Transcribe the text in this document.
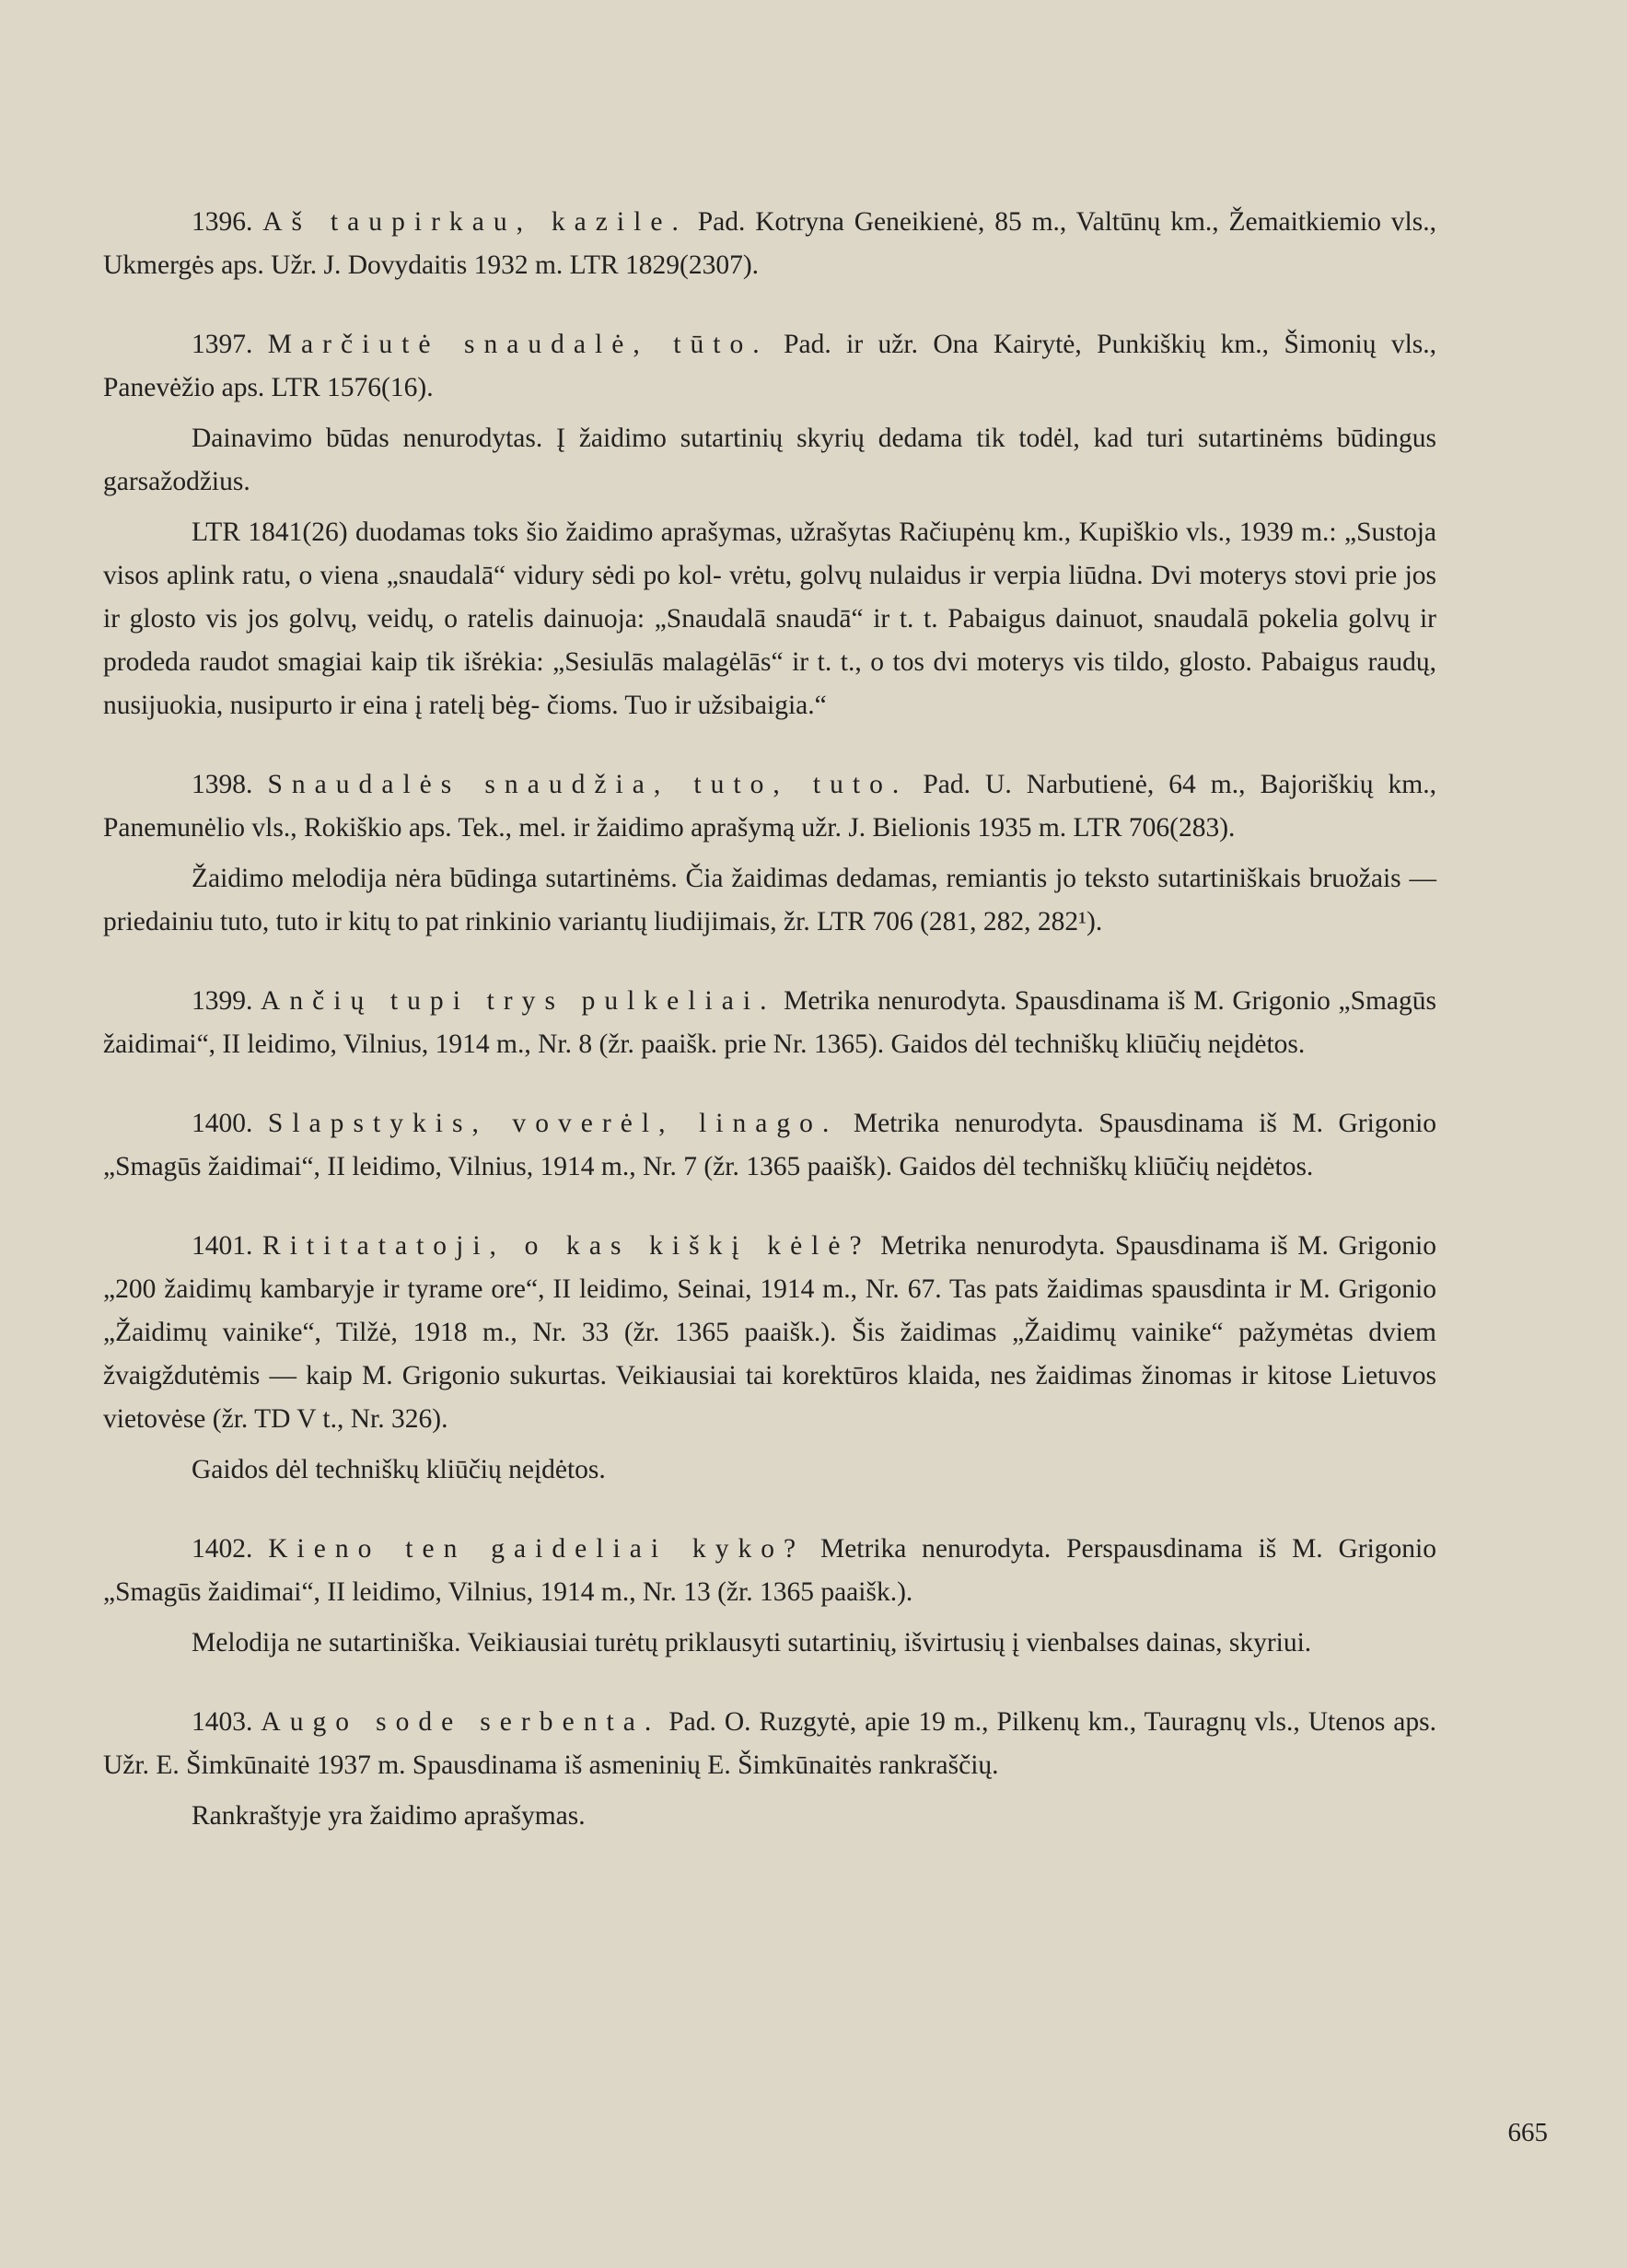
1396. Aš taupirkau, kazile. Pad. Kotryna Geneikienė, 85 m., Valtūnų km., Žemaitkiemio vls., Ukmergės aps. Užr. J. Dovydaitis 1932 m. LTR 1829(2307).

1397. Marčiutė snaudalė, tūto. Pad. ir užr. Ona Kairytė, Punkiškių km., Šimonių vls., Panevėžio aps. LTR 1576(16).

Dainavimo būdas nenurodytas. Į žaidimo sutartinių skyrių dedama tik todėl, kad turi sutartinėms būdingus garsažodžius.

LTR 1841(26) duodamas toks šio žaidimo aprašymas, užrašytas Račiupėnų km., Kupiškio vls., 1939 m.: „Sustoja visos aplink ratu, o viena „snaudalā“ vidury sėdi po kol- vrėtu, golvų nulaidus ir verpia liūdna. Dvi moterys stovi prie jos ir glosto vis jos golvų, veidų, o ratelis dainuoja: „Snaudalā snaudā“ ir t. t. Pabaigus dainuot, snaudalā pokelia golvų ir prodeda raudot smagiai kaip tik išrėkia: „Sesiulās malagėlās“ ir t. t., o tos dvi moterys vis tildo, glosto. Pabaigus raudų, nusijuokia, nusipurto ir eina į ratelį bėg- čioms. Tuo ir užsibaigia.“

1398. Snaudalės snaudžia, tuto, tuto. Pad. U. Narbutienė, 64 m., Bajoriškių km., Panemunėlio vls., Rokiškio aps. Tek., mel. ir žaidimo aprašymą užr. J. Bielionis 1935 m. LTR 706(283).

Žaidimo melodija nėra būdinga sutartinėms. Čia žaidimas dedamas, remiantis jo teksto sutartiniškais bruožais — priedainiu tuto, tuto ir kitų to pat rinkinio variantų liudijimais, žr. LTR 706 (281, 282, 282¹).

1399. Ančių tupi trys pulkeliai. Metrika nenurodyta. Spausdinama iš M. Grigonio „Smagūs žaidimai“, II leidimo, Vilnius, 1914 m., Nr. 8 (žr. paaišk. prie Nr. 1365). Gaidos dėl techniškų kliūčių neįdėtos.

1400. Slapstykis, voverėl, linago. Metrika nenurodyta. Spausdinama iš M. Grigonio „Smagūs žaidimai“, II leidimo, Vilnius, 1914 m., Nr. 7 (žr. 1365 paaišk). Gaidos dėl techniškų kliūčių neįdėtos.

1401. Rititatatoji, o kas kiškį kėlė? Metrika nenurodyta. Spausdinama iš M. Grigonio „200 žaidimų kambaryje ir tyrame ore“, II leidimo, Seinai, 1914 m., Nr. 67. Tas pats žaidimas spausdinta ir M. Grigonio „Žaidimų vainike“, Tilžė, 1918 m., Nr. 33 (žr. 1365 paaišk.). Šis žaidimas „Žaidimų vainike“ pažymėtas dviem žvaigždutėmis — kaip M. Grigonio sukurtas. Veikiausiai tai korektūros klaida, nes žaidimas žinomas ir kitose Lietuvos vietovėse (žr. TD V t., Nr. 326).

Gaidos dėl techniškų kliūčių neįdėtos.

1402. Kieno ten gaideliai kyko? Metrika nenurodyta. Perspausdinama iš M. Grigonio „Smagūs žaidimai“, II leidimo, Vilnius, 1914 m., Nr. 13 (žr. 1365 paaišk.).

Melodija ne sutartiniška. Veikiausiai turėtų priklausyti sutartinių, išvirtusių į vienbalses dainas, skyriui.

1403. Augo sode serbenta. Pad. O. Ruzgytė, apie 19 m., Pilkenų km., Tauragnų vls., Utenos aps. Užr. E. Šimkūnaitė 1937 m. Spausdinama iš asmeninių E. Šimkūnaitės rankraščių.

Rankraštyje yra žaidimo aprašymas.

665
